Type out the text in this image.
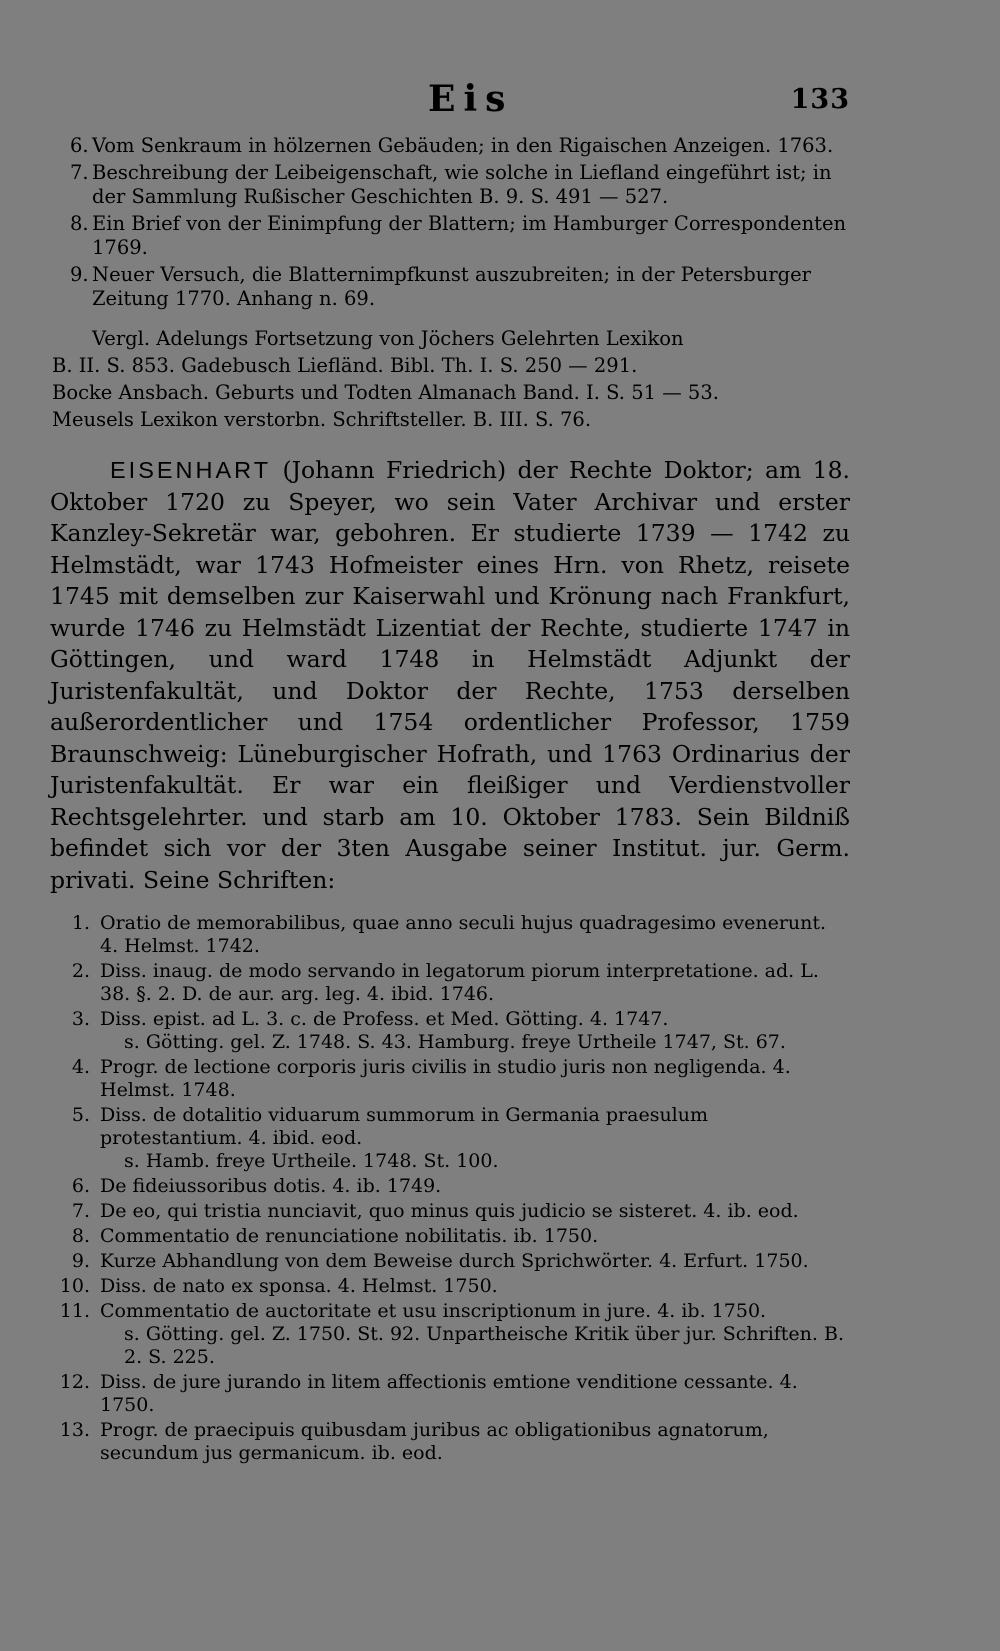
Eis	133
6. Vom Senkraum in hölzernen Gebäuden; in den Rigaischen Anzeigen. 1763.
7. Beschreibung der Leibeigenschaft, wie solche in Liefland eingeführt ist; in der Sammlung Rußischer Geschichten B. 9. S. 491 — 527.
8. Ein Brief von der Einimpfung der Blattern; im Hamburger Correspondenten 1769.
9. Neuer Versuch, die Blatternimpfkunst auszubreiten; in der Petersburger Zeitung 1770. Anhang n. 69.
Vergl. Adelungs Fortsetzung von Jöchers Gelehrten Lexikon
B. II. S. 853. Gadebusch Liefländ. Bibl. Th. I. S. 250 — 291.
Bocke Ansbach. Geburts und Todten Almanach Band. I. S. 51 — 53.
Meusels Lexikon verstorbn. Schriftsteller. B. III. S. 76.
EISENHART (Johann Friedrich) der Rechte Doktor; am 18. Oktober 1720 zu Speyer, wo sein Vater Archivar und erster Kanzley-Sekretär war, gebohren. Er studierte 1739 — 1742 zu Helmstädt, war 1743 Hofmeister eines Hrn. von Rhetz, reisete 1745 mit demselben zur Kaiserwahl und Krönung nach Frankfurt, wurde 1746 zu Helmstädt Lizentiat der Rechte, studierte 1747 in Göttingen, und ward 1748 in Helmstädt Adjunkt der Juristenfakultät, und Doktor der Rechte, 1753 derselben außerordentlicher und 1754 ordentlicher Professor, 1759 Braunschweig: Lüneburgischer Hofrath, und 1763 Ordinarius der Juristenfakultät. Er war ein fleißiger und Verdienstvoller Rechtsgelehrter. und starb am 10. Oktober 1783. Sein Bildniß befindet sich vor der 3ten Ausgabe seiner Institut. jur. Germ. privati. Seine Schriften:
1. Oratio de memorabilibus, quae anno seculi hujus quadragesimo evenerunt. 4. Helmst. 1742.
2. Diss. inaug. de modo servando in legatorum piorum interpretatione. ad. L. 38. §. 2. D. de aur. arg. leg. 4. ibid. 1746.
3. Diss. epist. ad L. 3. c. de Profess. et Med. Götting. 4. 1747.
s. Götting. gel. Z. 1748. S. 43. Hamburg. freye Urtheile 1747, St. 67.
4. Progr. de lectione corporis juris civilis in studio juris non negligenda. 4. Helmst. 1748.
5. Diss. de dotalitio viduarum summorum in Germania praesulum protestantium. 4. ibid. eod.
s. Hamb. freye Urtheile. 1748. St. 100.
6. De fideiussoribus dotis. 4. ib. 1749.
7. De eo, qui tristia nunciavit, quo minus quis judicio se sisteret. 4. ib. eod.
8. Commentatio de renunciatione nobilitatis. ib. 1750.
9. Kurze Abhandlung von dem Beweise durch Sprichwörter. 4. Erfurt. 1750.
10. Diss. de nato ex sponsa. 4. Helmst. 1750.
11. Commentatio de auctoritate et usu inscriptionum in jure. 4. ib. 1750.
s. Götting. gel. Z. 1750. St. 92. Unpartheische Kritik über jur. Schriften. B. 2. S. 225.
12. Diss. de jure jurando in litem affectionis emtione venditione cessante. 4. 1750.
13. Progr. de praecipuis quibusdam juribus ac obligationibus agnatorum, secundum jus germanicum. ib. eod.
